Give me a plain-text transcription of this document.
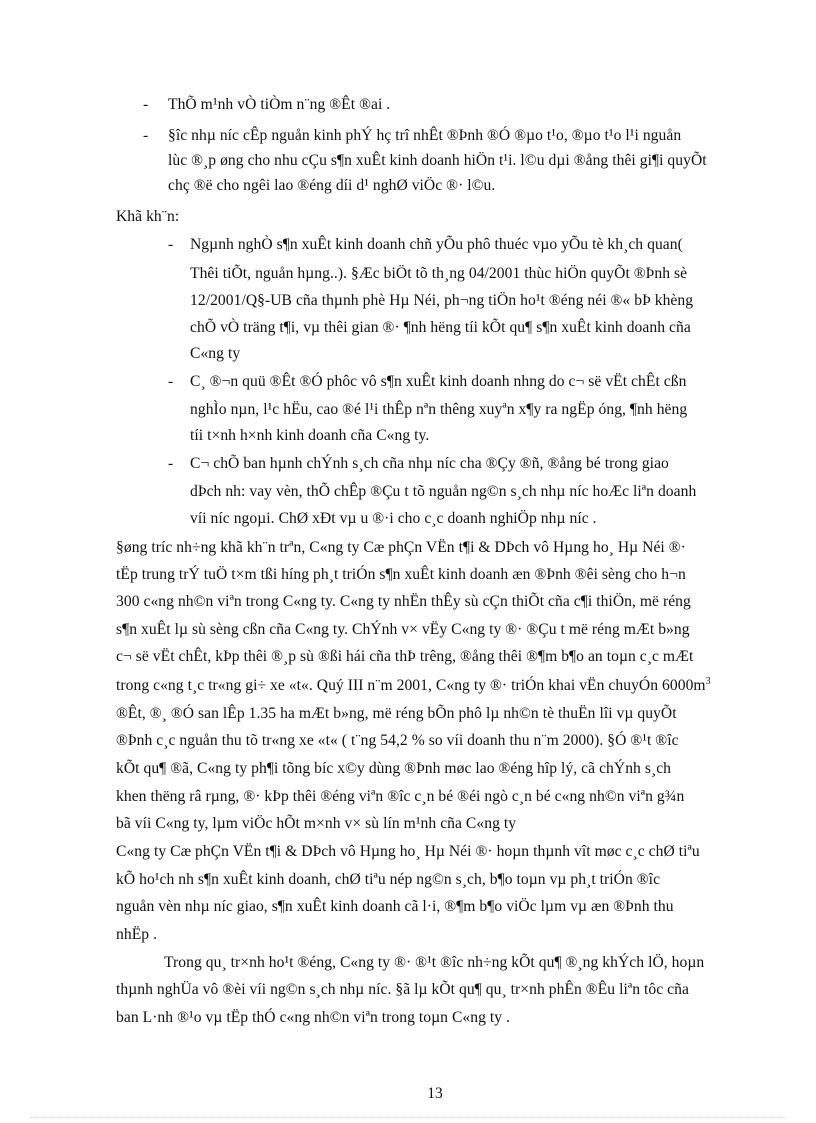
- ThÕ m¹nh vÒ tiÒm n¨ng ®Êt ®ai .
- §îc nhµ níc cÊp nguån kinh phÝ hç trî nhÊt ®Þnh ®Ó ®µo t¹o, ®µo t¹o l¹i nguån
lùc ®¸p øng cho nhu cÇu s¶n xuÊt kinh doanh hiÖn t¹i. l©u dµi ®ång thêi gi¶i quyÕt
chç ®ë cho ngêi lao ®éng díi d¹ nghØ viÖc ®· l©u.
Khã kh¨n:
- Ngµnh nghÒ s¶n xuÊt kinh doanh chñ yÕu phô thuéc vµo yÕu tè kh¸ch quan(
Thêi tiÕt, nguån hµng..). §Æc biÖt tõ th¸ng 04/2001 thùc hiÖn quyÕt ®Þnh sè
12/2001/Q§-UB cña thµnh phè Hµ Néi, ph¬ng tiÖn ho¹t ®éng néi ®« bÞ khèng
chÕ vÒ träng t¶i, vµ thêi gian ®· ¶nh hëng tíi kÕt qu¶ s¶n xuÊt kinh doanh cña
C«ng ty
- C¸ ®¬n quü ®Êt ®Ó phôc vô s¶n xuÊt kinh doanh nhng do c¬ së vËt chÊt cßn
nghÌo nµn, l¹c hËu, cao ®é l¹i thÊp nªn thêng xuyªn x¶y ra ngËp óng, ¶nh hëng
tíi t×nh h×nh kinh doanh cña C«ng ty.
- C¬ chÕ ban hµnh chÝnh s¸ch cña nhµ níc cha ®Çy ®ñ, ®ång bé trong giao
dÞch nh: vay vèn, thÕ chÊp ®Çu t tõ nguån ng©n s¸ch nhµ níc hoÆc liªn doanh
víi níc ngoµi. ChØ xÐt vµ u ®·i cho c¸c doanh nghiÖp nhµ níc .
§øng tríc nh÷ng khã kh¨n trªn, C«ng ty Cæ phÇn VËn t¶i & DÞch vô Hµng ho¸ Hµ Néi ®·
tËp trung trÝ tuÖ t×m tßi híng ph¸t triÓn s¶n xuÊt kinh doanh æn ®Þnh ®êi sèng cho h¬n
300 c«ng nh©n viªn trong C«ng ty. C«ng ty nhËn thÊy sù cÇn thiÕt cña c¶i thiÖn, më réng
s¶n xuÊt lµ sù sèng cßn cña C«ng ty. ChÝnh v× vËy C«ng ty ®· ®Çu t më réng mÆt b»ng
c¬ së vËt chÊt, kÞp thêi ®¸p sù ®ßi hái cña thÞ trêng, ®ång thêi ®¶m b¶o an toµn c¸c mÆt
trong c«ng t¸c tr«ng gi÷ xe «t«. Quý III n¨m 2001, C«ng ty ®· triÓn khai vËn chuyÓn $6000m^3$
®Êt, ®¸ ®Ó san lÊp 1.35 ha mÆt b»ng, më réng bÕn phô lµ nh©n tè thuËn lîi vµ quyÕt
®Þnh c¸c nguån thu tõ tr«ng xe «t« ( t¨ng 54,2 % so víi doanh thu n¨m 2000). §Ó ®¹t ®îc
kÕt qu¶ ®ã, C«ng ty ph¶i tõng bíc x©y dùng ®Þnh møc lao ®éng hîp lý, cã chÝnh s¸ch
khen thëng râ rµng, ®· kÞp thêi ®éng viªn ®îc c¸n bé ®éi ngò c¸n bé c«ng nh©n viªn g¾n
bã víi C«ng ty, lµm viÖc hÕt m×nh v× sù lín m¹nh cña C«ng ty
C«ng ty Cæ phÇn VËn t¶i & DÞch vô Hµng ho¸ Hµ Néi ®· hoµn thµnh vît møc c¸c chØ tiªu
kÕ ho¹ch nh s¶n xuÊt kinh doanh, chØ tiªu nép ng©n s¸ch, b¶o toµn vµ ph¸t triÓn ®îc
nguån vèn nhµ níc giao, s¶n xuÊt kinh doanh cã l·i, ®¶m b¶o viÖc lµm vµ æn ®Þnh thu
nhËp .
Trong qu¸ tr×nh ho¹t ®éng, C«ng ty ®· ®¹t ®îc nh÷ng kÕt qu¶ ®¸ng khÝch lÖ, hoµn
thµnh nghÜa vô ®èi víi ng©n s¸ch nhµ níc. §ã lµ kÕt qu¶ qu¸ tr×nh phÊn ®Êu liªn tôc cña
ban L·nh ®¹o vµ tËp thÓ c«ng nh©n viªn trong toµn C«ng ty .
13
